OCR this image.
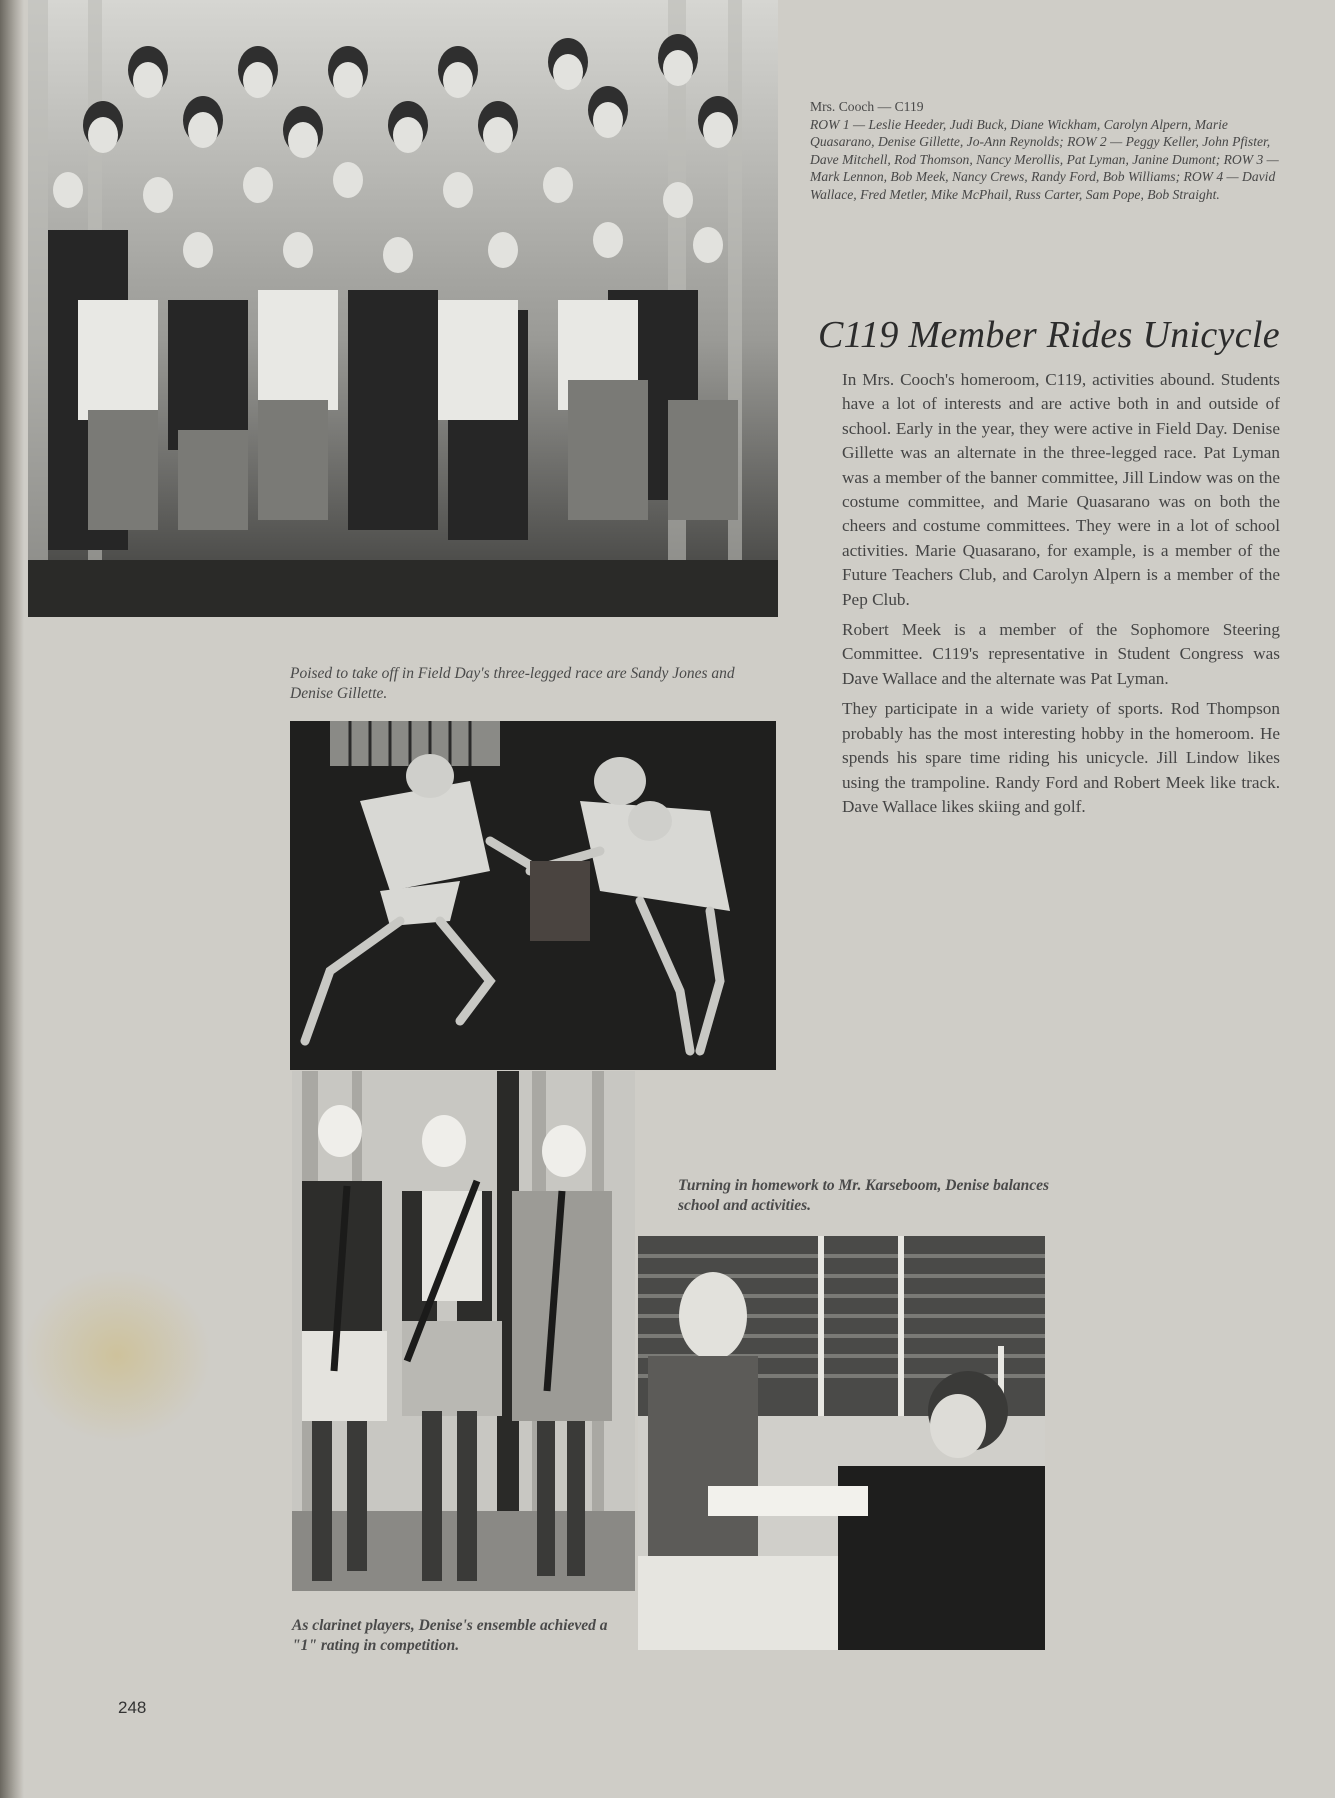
Mrs. Cooch — C119
ROW 1 — Leslie Heeder, Judi Buck, Diane Wickham, Carolyn Alpern, Marie Quasarano, Denise Gillette, Jo-Ann Reynolds; ROW 2 — Peggy Keller, John Pfister, Dave Mitchell, Rod Thomson, Nancy Merollis, Pat Lyman, Janine Dumont; ROW 3 — Mark Lennon, Bob Meek, Nancy Crews, Randy Ford, Bob Williams; ROW 4 — David Wallace, Fred Metler, Mike McPhail, Russ Carter, Sam Pope, Bob Straight.
C119 Member Rides Unicycle

In Mrs. Cooch's homeroom, C119, activities abound. Students have a lot of interests and are active both in and outside of school. Early in the year, they were active in Field Day. Denise Gillette was an alternate in the three-legged race. Pat Lyman was a member of the banner committee, Jill Lindow was on the costume committee, and Marie Quasarano was on both the cheers and costume committees. They were in a lot of school activities. Marie Quasarano, for example, is a member of the Future Teachers Club, and Carolyn Alpern is a member of the Pep Club.

Robert Meek is a member of the Sophomore Steering Committee. C119's representative in Student Congress was Dave Wallace and the alternate was Pat Lyman.

They participate in a wide variety of sports. Rod Thompson probably has the most interesting hobby in the homeroom. He spends his spare time riding his unicycle. Jill Lindow likes using the trampoline. Randy Ford and Robert Meek like track. Dave Wallace likes skiing and golf.

Poised to take off in Field Day's three-legged race are Sandy Jones and Denise Gillette.
As clarinet players, Denise's ensemble achieved a "1" rating in competition.
Turning in homework to Mr. Karseboom, Denise balances school and activities.
248
